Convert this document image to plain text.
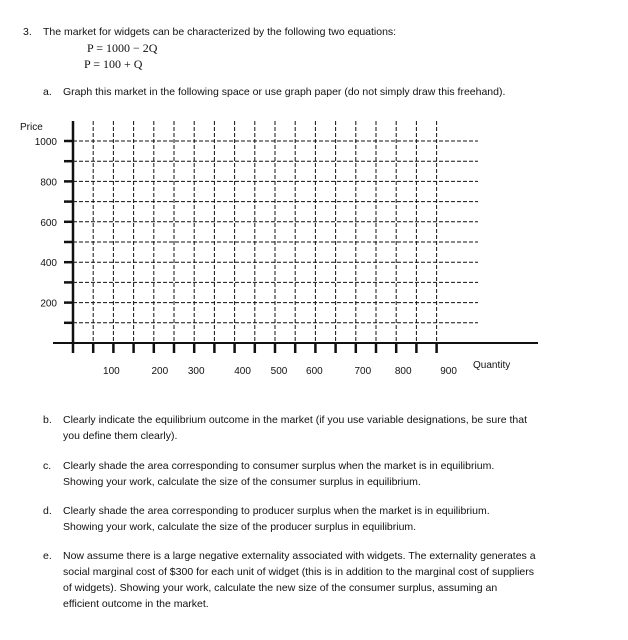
3. The market for widgets can be characterized by the following two equations:
P = 1000 − 2Q
P = 100 + Q
a. Graph this market in the following space or use graph paper (do not simply draw this freehand).
b. Clearly indicate the equilibrium outcome in the market (if you use variable designations, be sure that
you define them clearly).
c. Clearly shade the area corresponding to consumer surplus when the market is in equilibrium.
Showing your work, calculate the size of the consumer surplus in equilibrium.
d. Clearly shade the area corresponding to producer surplus when the market is in equilibrium.
Showing your work, calculate the size of the producer surplus in equilibrium.
e. Now assume there is a large negative externality associated with widgets. The externality generates a
social marginal cost of $300 for each unit of widget (this is in addition to the marginal cost of suppliers
of widgets). Showing your work, calculate the new size of the consumer surplus, assuming an
efficient outcome in the market.
Price
200
400
600
800
1000
100	200 300	400 500 600	700 800	900
Quantity
